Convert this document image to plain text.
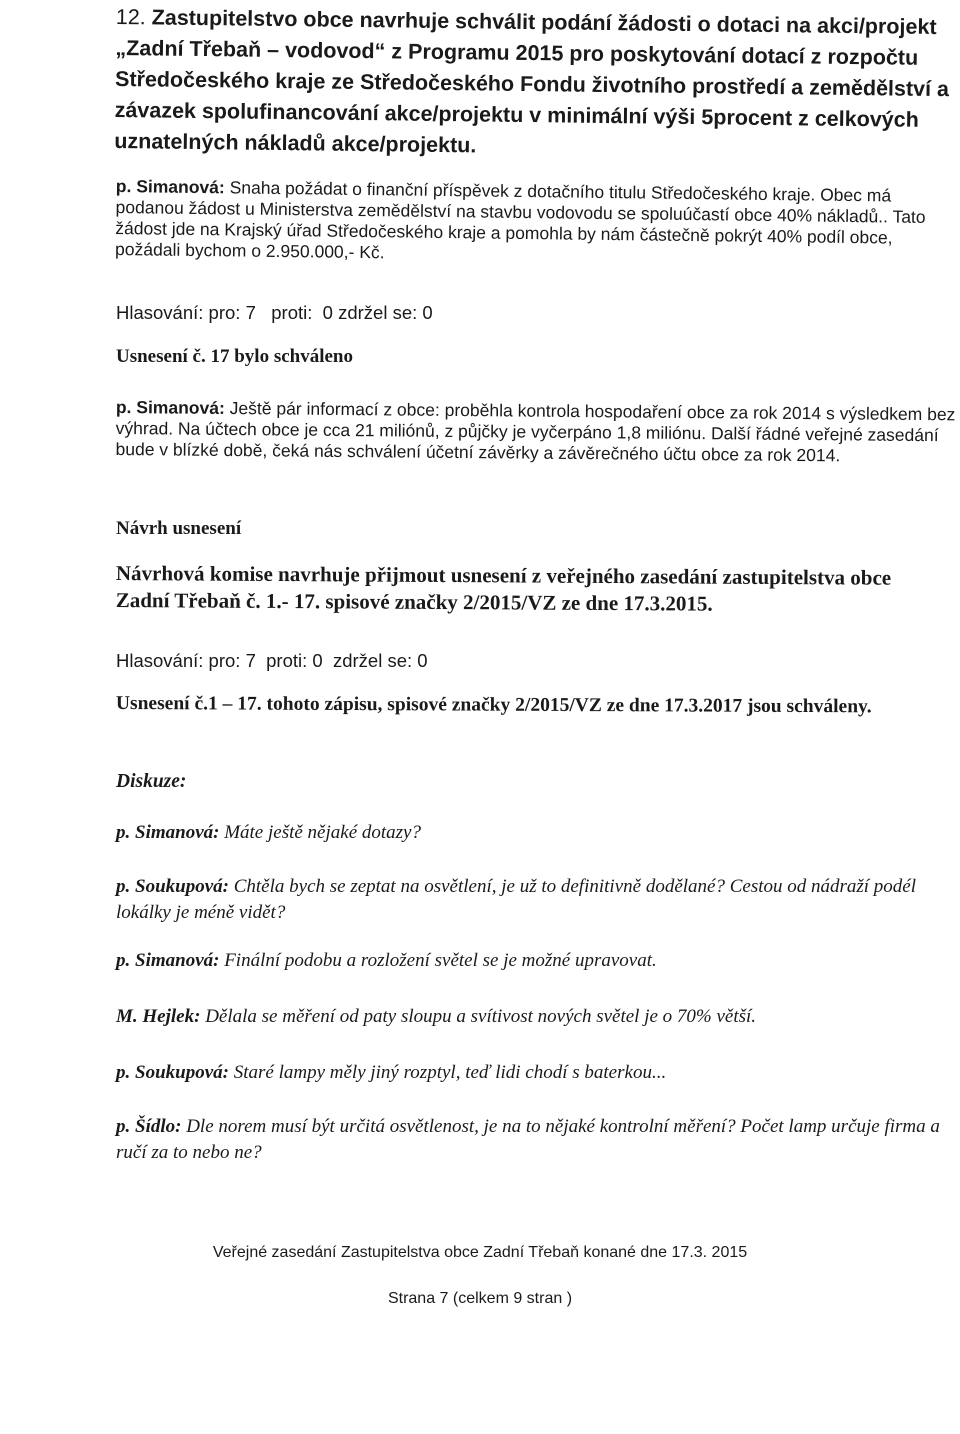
12. Zastupitelstvo obce navrhuje schválit podání žádosti o dotaci na akci/projekt „Zadní Třebaň – vodovod“ z Programu 2015 pro poskytování dotací z rozpočtu Středočeského kraje ze Středočeského Fondu životního prostředí a zemědělství a závazek spolufinancování akce/projektu v minimální výši 5procent z celkových uznatelných nákladů akce/projektu.

p. Simanová: Snaha požádat o finanční příspěvek z dotačního titulu Středočeského kraje. Obec má podanou žádost u Ministerstva zemědělství na stavbu vodovodu se spoluúčastí obce 40% nákladů.. Tato žádost jde na Krajský úřad Středočeského kraje a pomohla by nám částečně pokrýt 40% podíl obce, požádali bychom o 2.950.000,- Kč.

Hlasování: pro: 7   proti:  0 zdržel se: 0
Usnesení č. 17 bylo schváleno

p. Simanová: Ještě pár informací z obce: proběhla kontrola hospodaření obce za rok 2014 s výsledkem bez výhrad. Na účtech obce je cca 21 miliónů, z půjčky je vyčerpáno 1,8 miliónu. Další řádné veřejné zasedání bude v blízké době, čeká nás schválení účetní závěrky a závěrečného účtu obce za rok 2014.

Návrh usnesení

Návrhová komise navrhuje přijmout usnesení z veřejného zasedání zastupitelstva obce Zadní Třebaň č. 1.- 17. spisové značky 2/2015/VZ ze dne 17.3.2015.

Hlasování: pro: 7  proti: 0  zdržel se: 0

Usnesení č.1 – 17. tohoto zápisu, spisové značky 2/2015/VZ ze dne 17.3.2017 jsou schváleny.

Diskuze:

p. Simanová: Máte ještě nějaké dotazy?

p. Soukupová: Chtěla bych se zeptat na osvětlení, je už to definitivně dodělané? Cestou od nádraží podél lokálky je méně vidět?

p. Simanová: Finální podobu a rozložení světel se je možné upravovat.

M. Hejlek: Dělala se měření od paty sloupu a svítivost nových světel je o 70% větší.

p. Soukupová: Staré lampy měly jiný rozptyl, teď lidi chodí s baterkou...

p. Šídlo: Dle norem musí být určitá osvětlenost, je na to nějaké kontrolní měření? Počet lamp určuje firma a ručí za to nebo ne?

Veřejné zasedání Zastupitelstva obce Zadní Třebaň konané dne 17.3. 2015
Strana 7 (celkem 9 stran )
